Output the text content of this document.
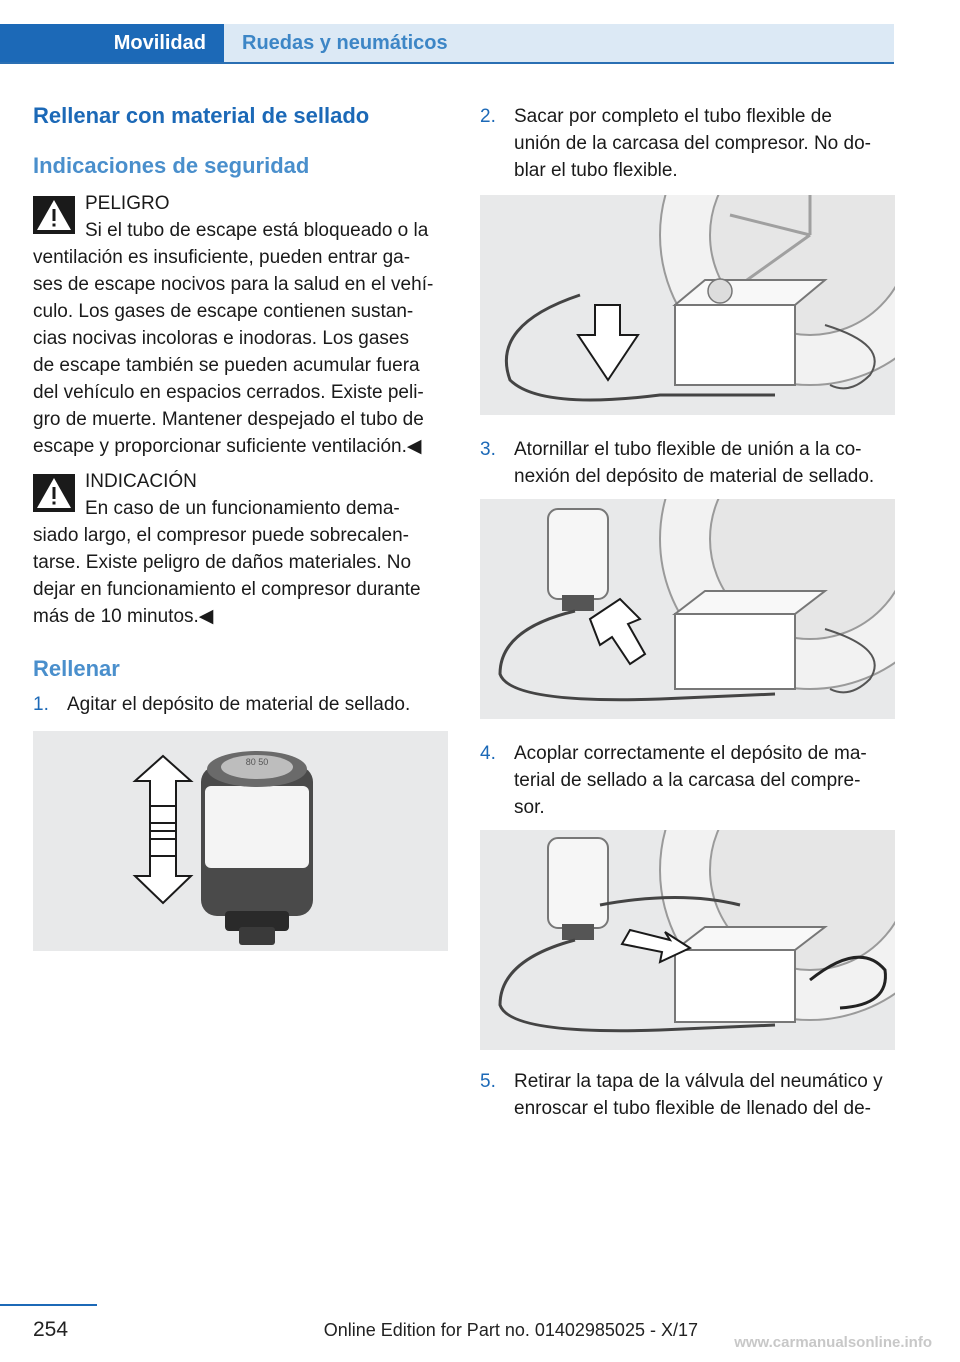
Movilidad	Ruedas y neumáticos
Rellenar con material de sellado
Indicaciones de seguridad
PELIGRO
Si el tubo de escape está bloqueado o la
ventilación es insuficiente, pueden entrar ga-
ses de escape nocivos para la salud en el vehí-
culo. Los gases de escape contienen sustan-
cias nocivas incoloras e inodoras. Los gases
de escape también se pueden acumular fuera
del vehículo en espacios cerrados. Existe peli-
gro de muerte. Mantener despejado el tubo de
escape y proporcionar suficiente ventilación.◀
INDICACIÓN
En caso de un funcionamiento dema-
siado largo, el compresor puede sobrecalen-
tarse. Existe peligro de daños materiales. No
dejar en funcionamiento el compresor durante
más de 10 minutos.◀
Rellenar
1. Agitar el depósito de material de sellado.
80 50
2. Sacar por completo el tubo flexible de
unión de la carcasa del compresor. No do-
blar el tubo flexible.
3. Atornillar el tubo flexible de unión a la co-
nexión del depósito de material de sellado.
4. Acoplar correctamente el depósito de ma-
terial de sellado a la carcasa del compre-
sor.
5. Retirar la tapa de la válvula del neumático y
enroscar el tubo flexible de llenado del de-
254	Online Edition for Part no. 01402985025 - X/17
www.carmanualsonline.info
